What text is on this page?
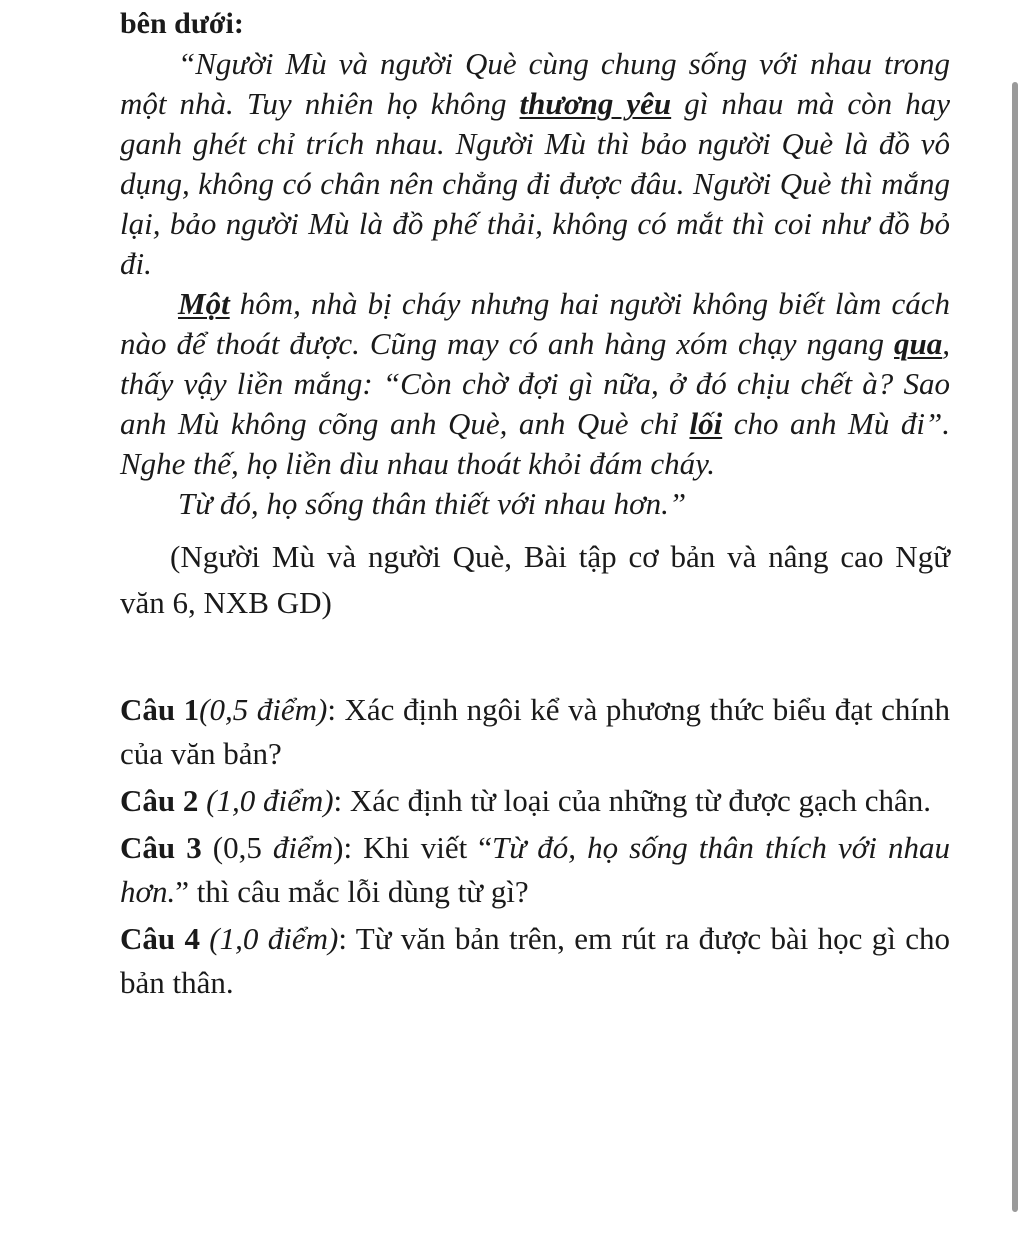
bên dưới:

“Người Mù và người Què cùng chung sống với nhau trong một nhà. Tuy nhiên họ không thương yêu gì nhau mà còn hay ganh ghét chỉ trích nhau. Người Mù thì bảo người Què là đồ vô dụng, không có chân nên chẳng đi được đâu. Người Què thì mắng lại, bảo người Mù là đồ phế thải, không có mắt thì coi như đồ bỏ đi.

Một hôm, nhà bị cháy nhưng hai người không biết làm cách nào để thoát được. Cũng may có anh hàng xóm chạy ngang qua, thấy vậy liền mắng: “Còn chờ đợi gì nữa, ở đó chịu chết à? Sao anh Mù không cõng anh Què, anh Què chỉ lối cho anh Mù đi”. Nghe thế, họ liền dìu nhau thoát khỏi đám cháy.

Từ đó, họ sống thân thiết với nhau hơn.”

(Người Mù và người Què, Bài tập cơ bản và nâng cao Ngữ văn 6, NXB GD)

Câu 1(0,5 điểm): Xác định ngôi kể và phương thức biểu đạt chính của văn bản?

Câu 2 (1,0 điểm): Xác định từ loại của những từ được gạch chân.

Câu 3 (0,5 điểm): Khi viết “Từ đó, họ sống thân thích với nhau hơn.” thì câu mắc lỗi dùng từ gì?

Câu 4 (1,0 điểm): Từ văn bản trên, em rút ra được bài học gì cho bản thân.
